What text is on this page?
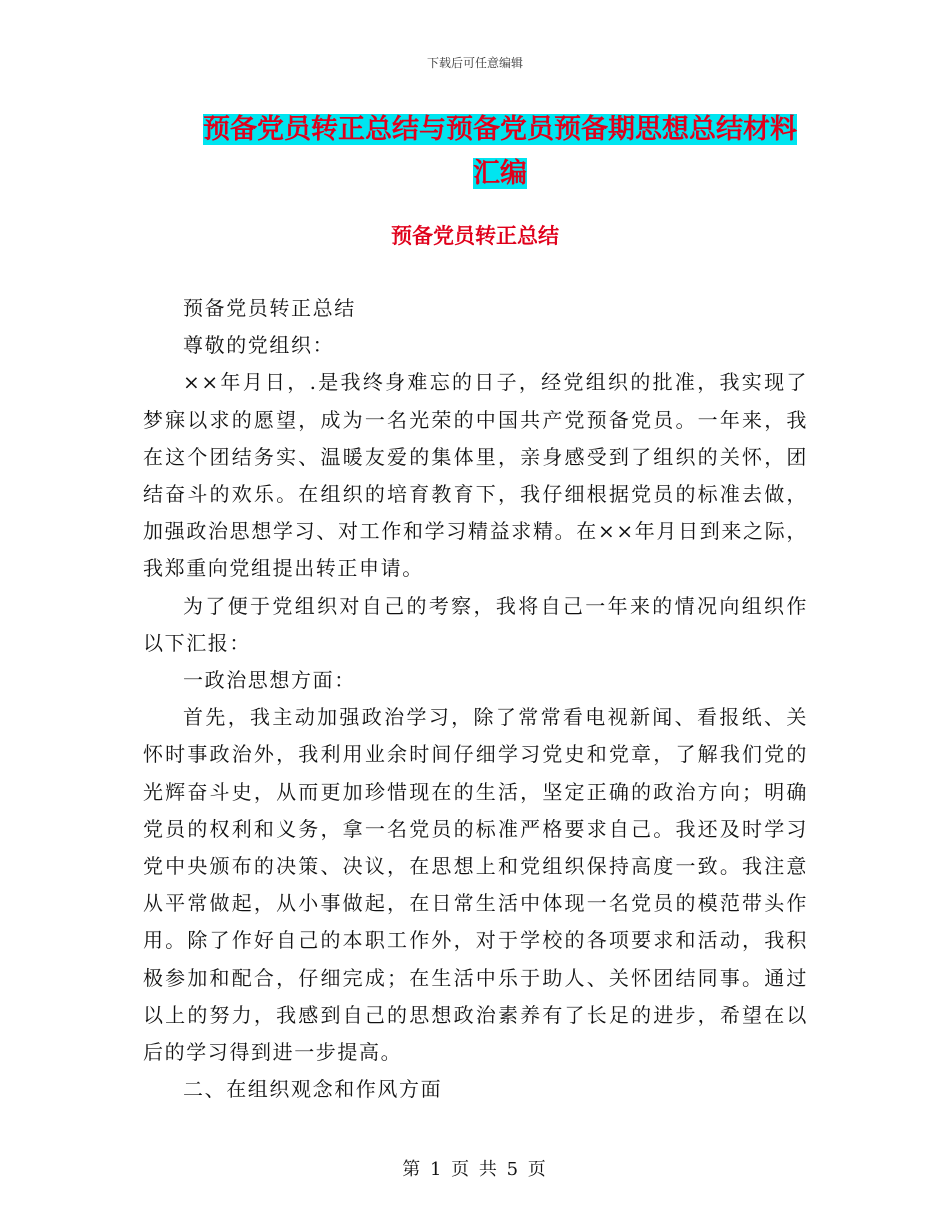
下载后可任意编辑
预备党员转正总结与预备党员预备期思想总结材料汇编
预备党员转正总结

预备党员转正总结

尊敬的党组织：

××年月日，.是我终身难忘的日子，经党组织的批准，我实现了梦寐以求的愿望，成为一名光荣的中国共产党预备党员。一年来，我在这个团结务实、温暖友爱的集体里，亲身感受到了组织的关怀，团结奋斗的欢乐。在组织的培育教育下，我仔细根据党员的标准去做，加强政治思想学习、对工作和学习精益求精。在××年月日到来之际，我郑重向党组提出转正申请。

为了便于党组织对自己的考察，我将自己一年来的情况向组织作以下汇报：

一政治思想方面：

首先，我主动加强政治学习，除了常常看电视新闻、看报纸、关怀时事政治外，我利用业余时间仔细学习党史和党章，了解我们党的光辉奋斗史，从而更加珍惜现在的生活，坚定正确的政治方向；明确党员的权利和义务，拿一名党员的标准严格要求自己。我还及时学习党中央颁布的决策、决议，在思想上和党组织保持高度一致。我注意从平常做起，从小事做起，在日常生活中体现一名党员的模范带头作用。除了作好自己的本职工作外，对于学校的各项要求和活动，我积极参加和配合，仔细完成；在生活中乐于助人、关怀团结同事。通过以上的努力，我感到自己的思想政治素养有了长足的进步，希望在以后的学习得到进一步提高。

二、在组织观念和作风方面

第 1 页 共 5 页
